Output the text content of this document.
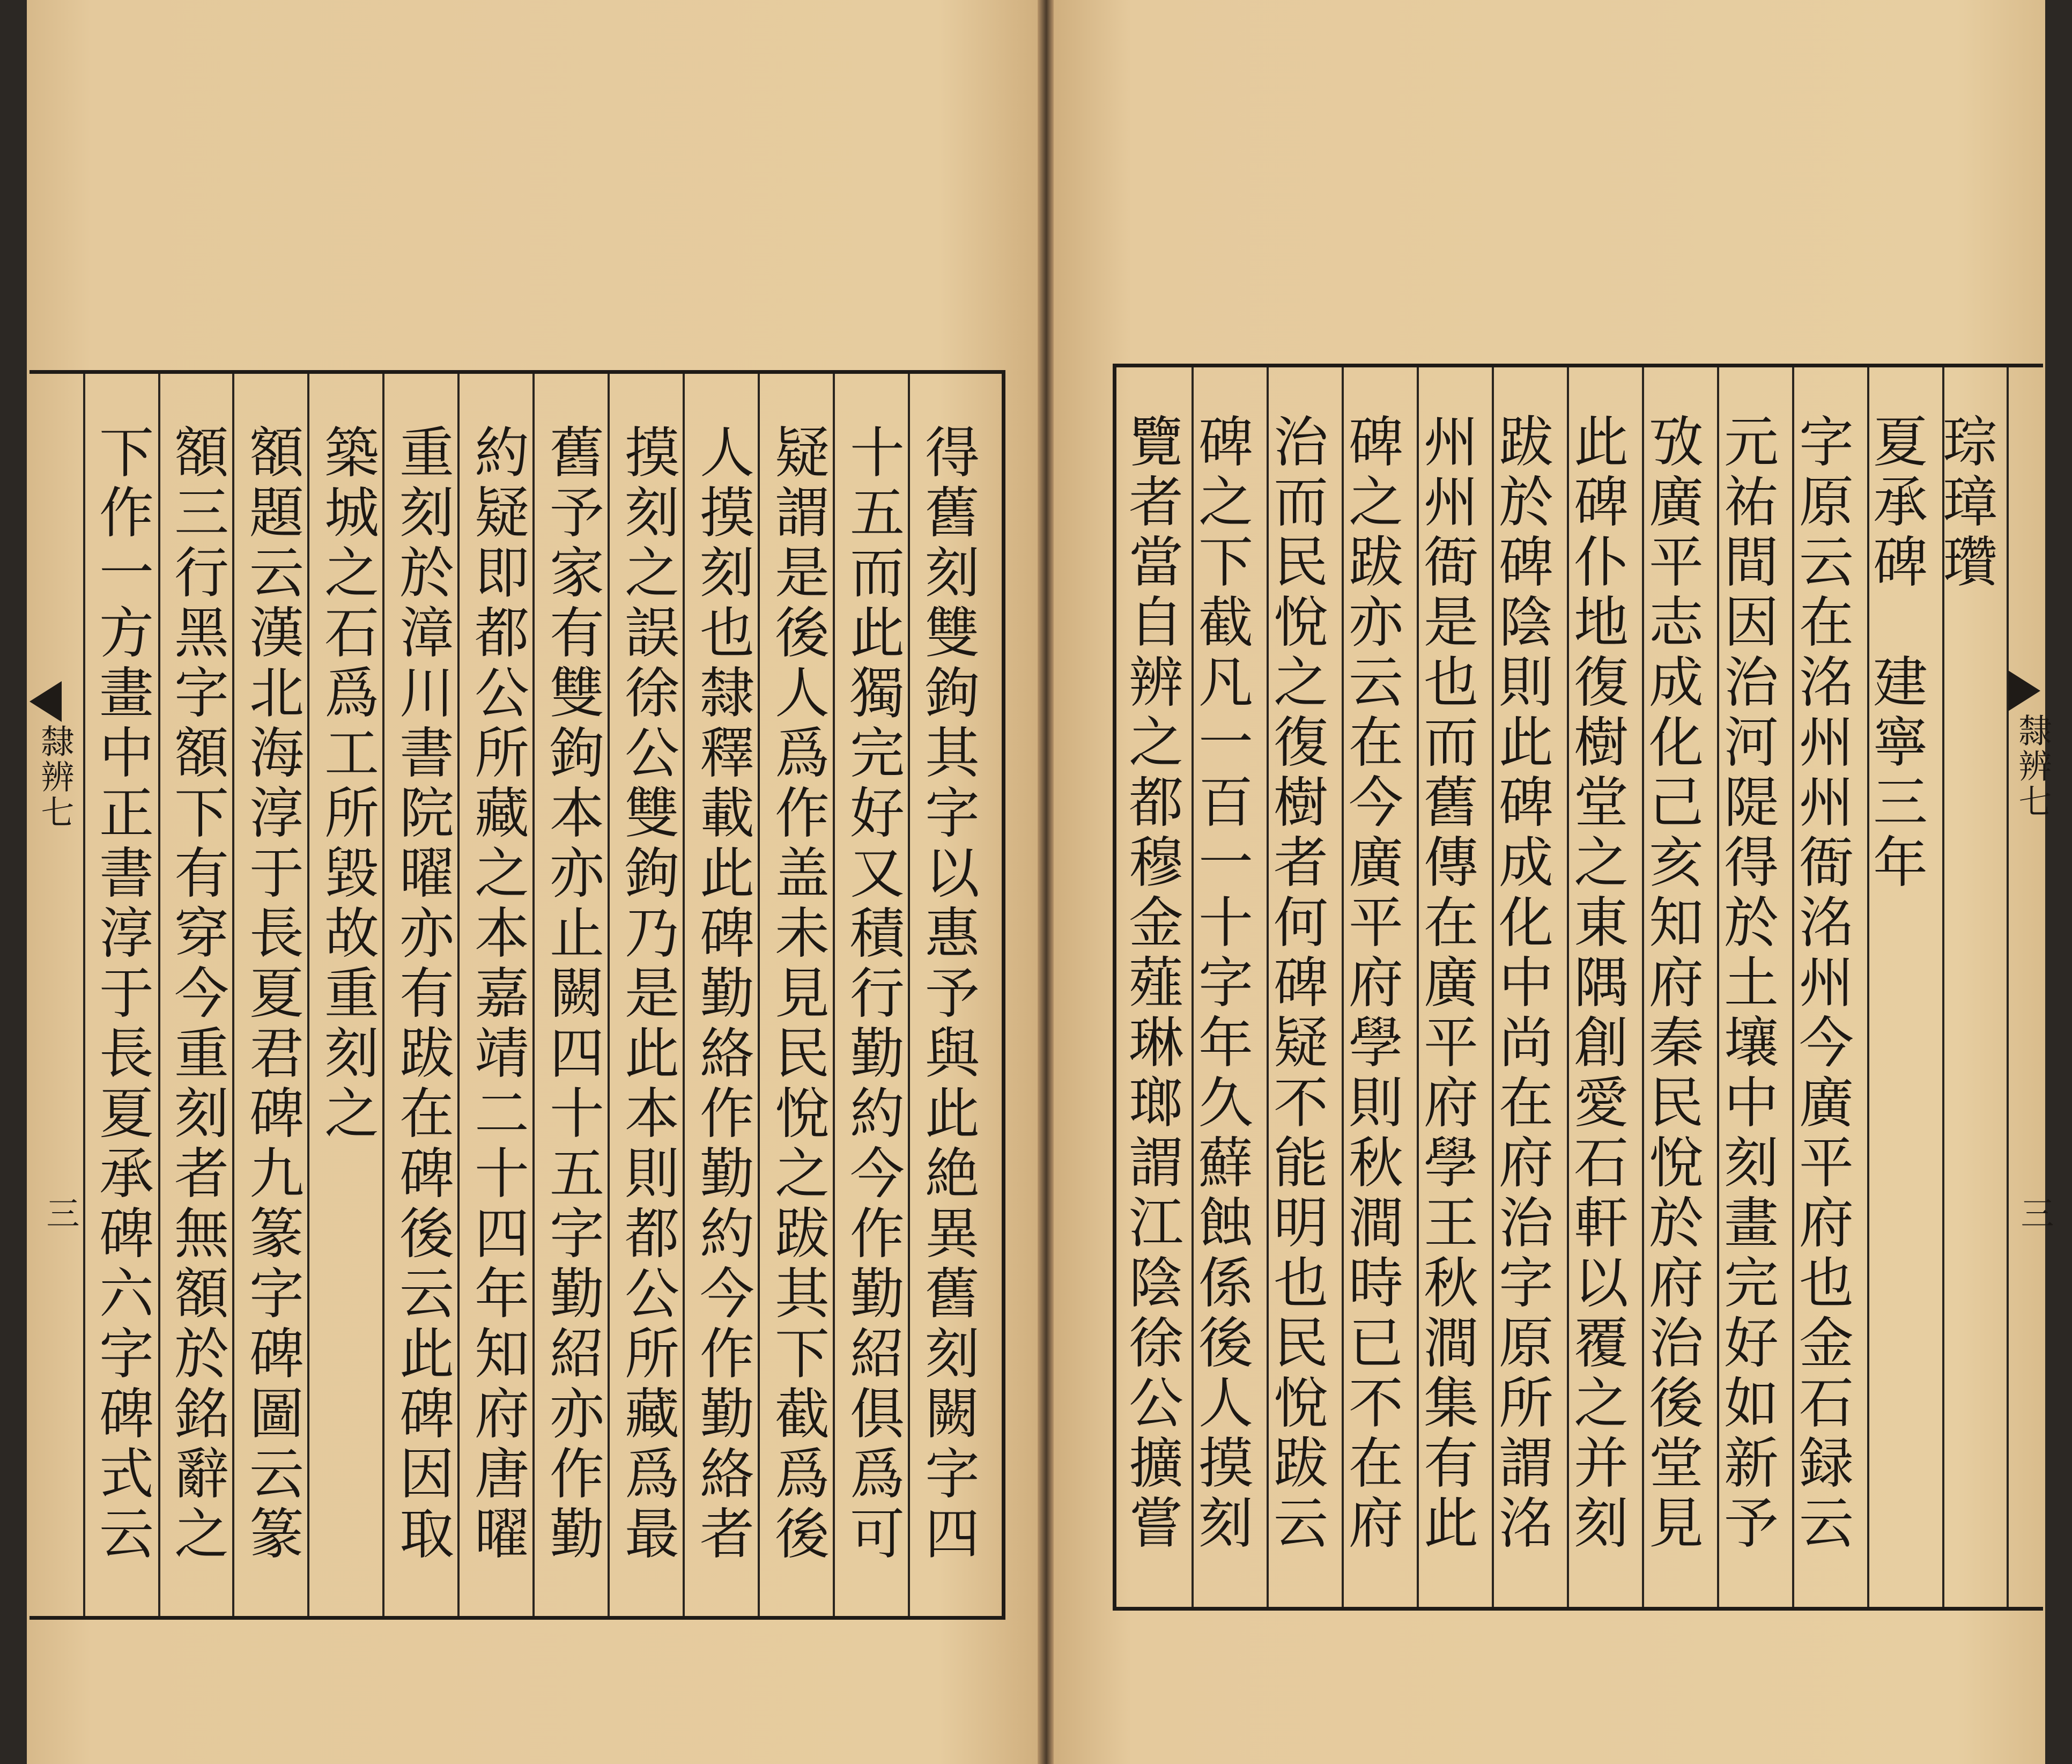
隸辨七
三	得舊刻雙鉤其字以惠予與此絶異舊刻闕字四
十五而此獨完好又積行勤約今作勤紹俱爲可
疑謂是後人爲作盖未見民悅之跋其下截爲後
人摸刻也隸釋載此碑勤絡作勤約今作勤絡者
摸刻之誤徐公雙鉤乃是此本則都公所藏爲最
舊予家有雙鉤本亦止闕四十五字勤紹亦作勤
約疑即都公所藏之本嘉靖二十四年知府唐曜
重刻於漳川書院曜亦有跋在碑後云此碑因取
築城之石爲工所毀故重刻之
額題云漢北海淳于長夏君碑九篆字碑圖云篆
額三行黑字額下有穿今重刻者無額於銘辭之
下作一方畫中正書淳于長夏承碑六字碑式云	隸辨七
三
琮璋瓚
夏承碑　建寧三年
字原云在洺州州衙洺州今廣平府也金石録云
元祐間因治河隄得於土壤中刻畫完好如新予
攷廣平志成化己亥知府秦民悅於府治後堂見
此碑仆地復樹堂之東隅創愛石軒以覆之并刻
跋於碑陰則此碑成化中尚在府治字原所謂洺
州州衙是也而舊傳在廣平府學王秋澗集有此
碑之跋亦云在今廣平府學則秋澗時已不在府
治而民悅之復樹者何碑疑不能明也民悅跋云
碑之下截凡一百一十字年久蘚蝕係後人摸刻
覽者當自辨之都穆金薤琳瑯謂江陰徐公擴嘗
